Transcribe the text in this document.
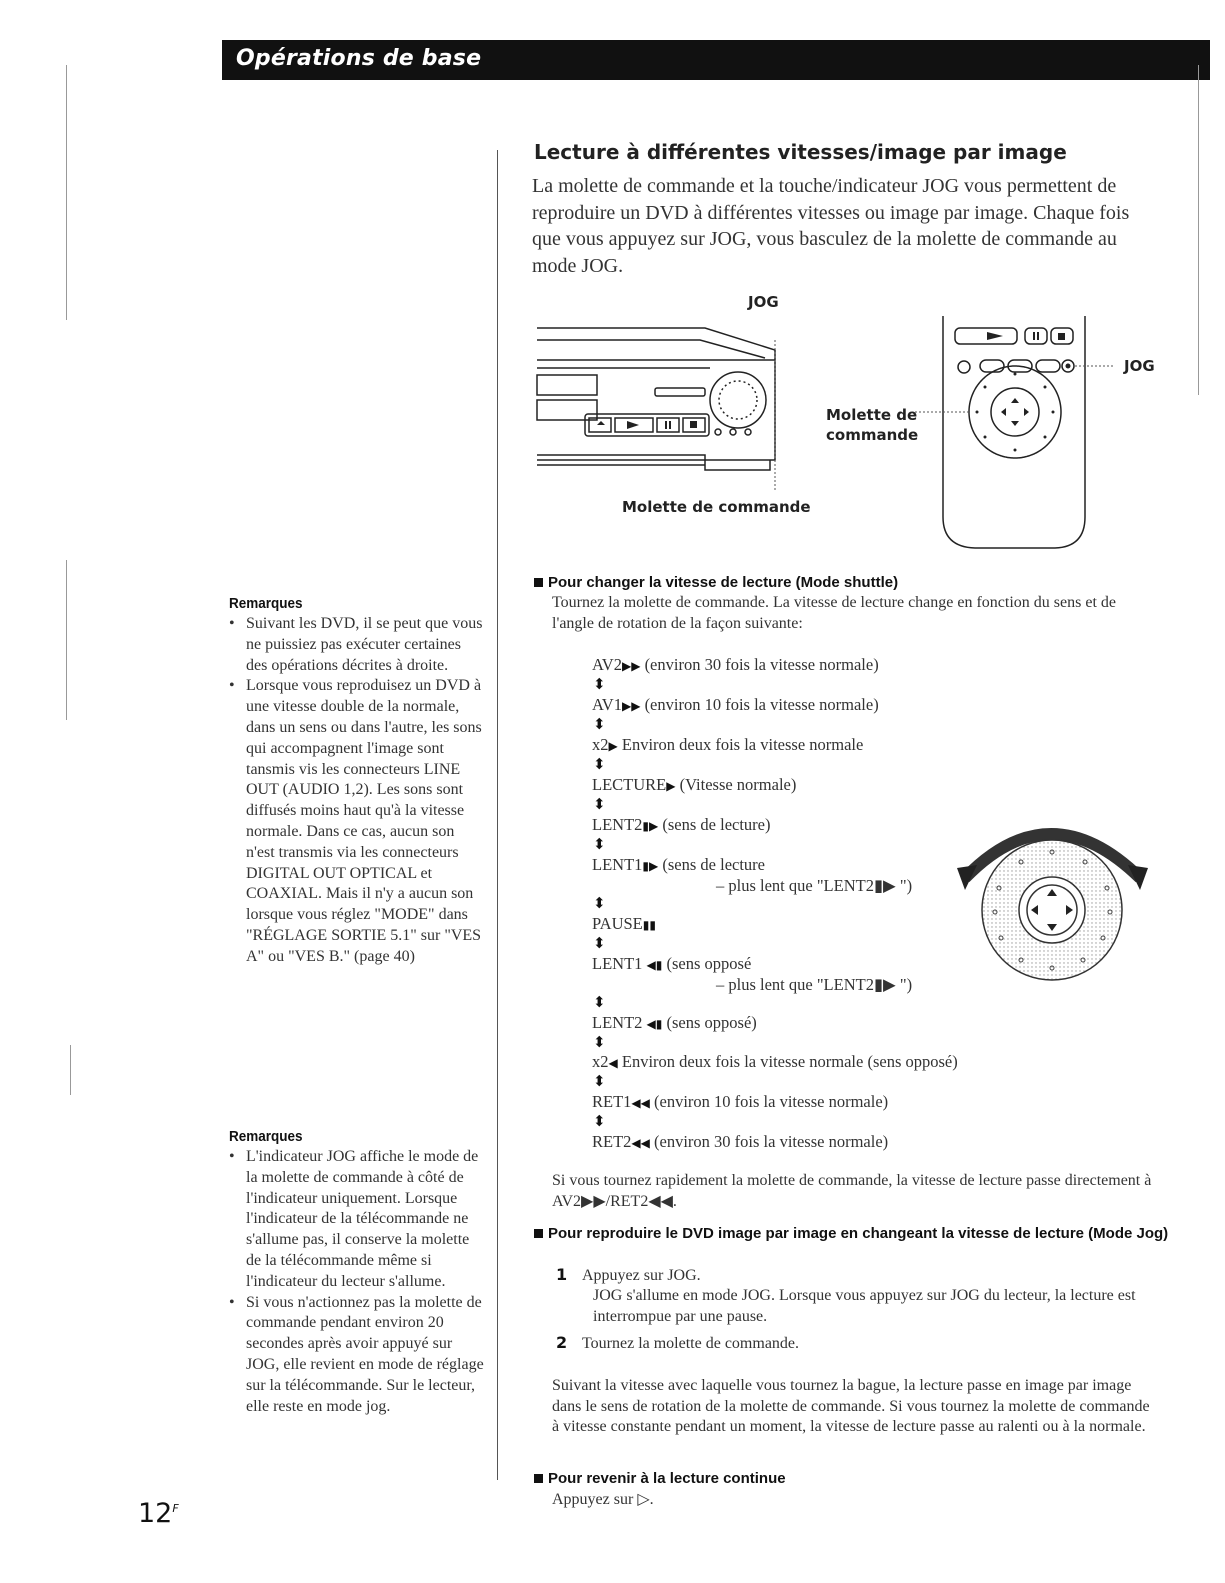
Opérations de base
Lecture à différentes vitesses/image par image
La molette de commande et la touche/indicateur JOG vous permettent de reproduire un DVD à différentes vitesses ou image par image. Chaque fois que vous appuyez sur JOG, vous basculez de la molette de commande au mode JOG.
JOG
Molette de commande
Molette de
commande
JOG
Remarques
• Suivant les DVD, il se peut que vous ne puissiez pas exécuter certaines des opérations décrites à droite.
• Lorsque vous reproduisez un DVD à une vitesse double de la normale, dans un sens ou dans l'autre, les sons qui accompagnent l'image sont tansmis vis les connecteurs LINE OUT (AUDIO 1,2). Les sons sont diffusés moins haut qu'à la vitesse normale. Dans ce cas, aucun son n'est transmis via les connecteurs DIGITAL OUT OPTICAL et COAXIAL. Mais il n'y a aucun son lorsque vous réglez "MODE" dans "RÉGLAGE SORTIE 5.1" sur "VES A" ou "VES B." (page 40)
Remarques
• L'indicateur JOG affiche le mode de la molette de commande à côté de l'indicateur uniquement. Lorsque l'indicateur de la télécommande ne s'allume pas, il conserve la molette de la télécommande même si l'indicateur du lecteur s'allume.
• Si vous n'actionnez pas la molette de commande pendant environ 20 secondes après avoir appuyé sur JOG, elle revient en mode de réglage sur la télécommande. Sur le lecteur, elle reste en mode jog.
Pour changer la vitesse de lecture (Mode shuttle)
Tournez la molette de commande. La vitesse de lecture change en fonction du sens et de l'angle de rotation de la façon suivante:
AV2▶▶ (environ 30 fois la vitesse normale)
⬍
AV1▶▶ (environ 10 fois la vitesse normale)
⬍
x2▶ Environ deux fois la vitesse normale
⬍
LECTURE▶ (Vitesse normale)
⬍
LENT2▮▶ (sens de lecture)
⬍
LENT1▮▶ (sens de lecture
– plus lent que "LENT2▮▶ ")
⬍
PAUSE▮▮
⬍
LENT1 ◀▮ (sens opposé
– plus lent que "LENT2▮▶ ")
⬍
LENT2 ◀▮ (sens opposé)
⬍
x2◀ Environ deux fois la vitesse normale (sens opposé)
⬍
RET1◀◀ (environ 10 fois la vitesse normale)
⬍
RET2◀◀ (environ 30 fois la vitesse normale)
Si vous tournez rapidement la molette de commande, la vitesse de lecture passe directement à AV2▶▶/RET2◀◀.
Pour reproduire le DVD image par image en changeant la vitesse de lecture (Mode Jog)
1 Appuyez sur JOG.
JOG s'allume en mode JOG. Lorsque vous appuyez sur JOG du lecteur, la lecture est interrompue par une pause.
2 Tournez la molette de commande.
Suivant la vitesse avec laquelle vous tournez la bague, la lecture passe en image par image dans le sens de rotation de la molette de commande. Si vous tournez la molette de commande à vitesse constante pendant un moment, la vitesse de lecture passe au ralenti ou à la normale.
Pour revenir à la lecture continue
Appuyez sur ▷.
$12^F$
